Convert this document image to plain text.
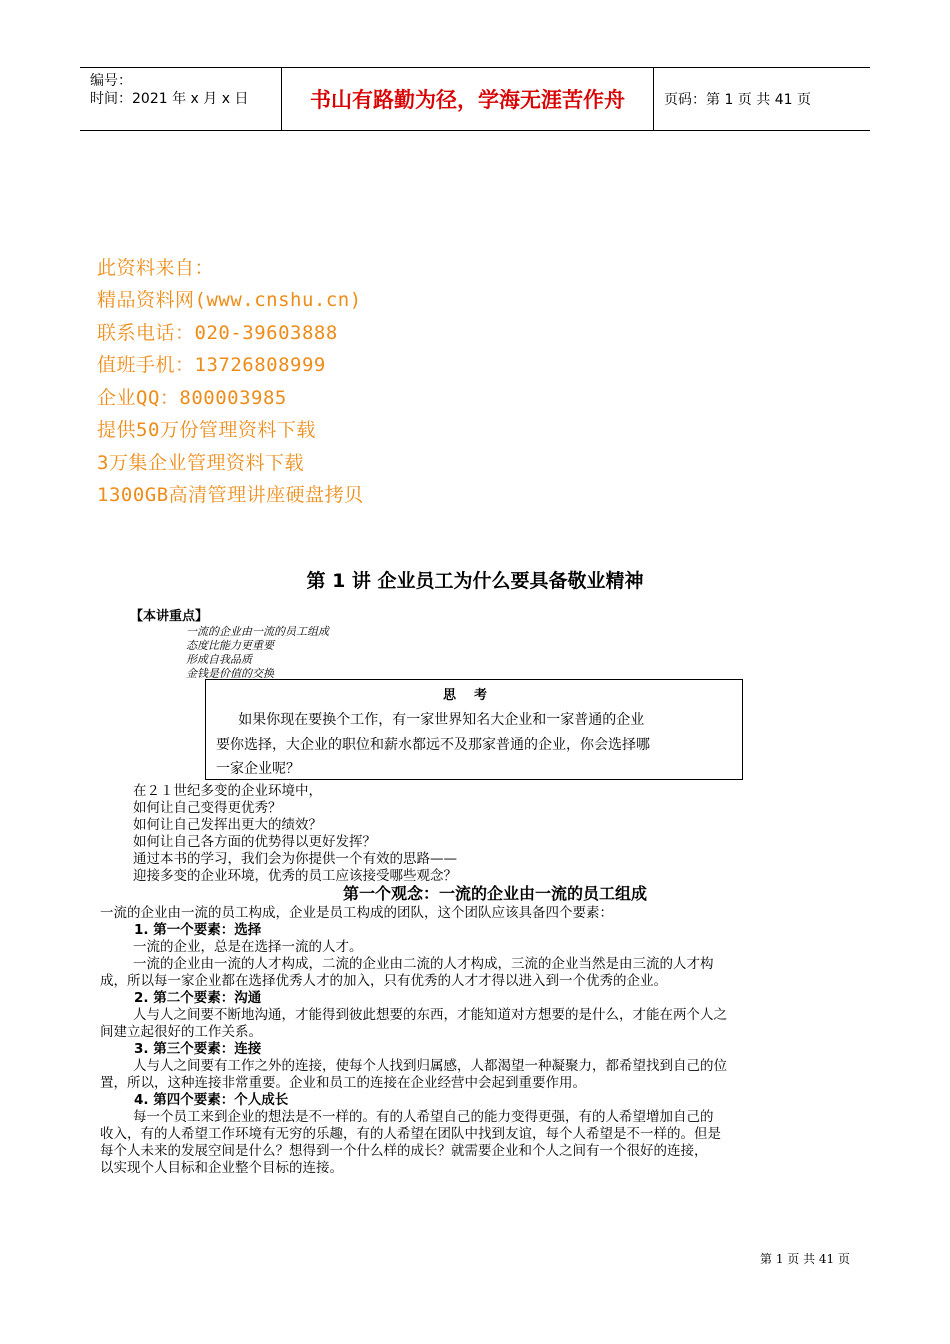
编号：
时间：2021 年 x 月 x 日	书山有路勤为径，学海无涯苦作舟	页码：第 1 页 共 41 页
此资料来自：
精品资料网(www.cnshu.cn)
联系电话：020-39603888
值班手机：13726808999
企业QQ：800003985
提供50万份管理资料下载
3万集企业管理资料下载
1300GB高清管理讲座硬盘拷贝
第 1 讲 企业员工为什么要具备敬业精神
【本讲重点】
一流的企业由一流的员工组成
态度比能力更重要
形成自我品质
金钱是价值的交换
思考
如果你现在要换个工作，有一家世界知名大企业和一家普通的企业
要你选择，大企业的职位和薪水都远不及那家普通的企业，你会选择哪
一家企业呢？
在２１世纪多变的企业环境中，
如何让自己变得更优秀？
如何让自己发挥出更大的绩效？
如何让自己各方面的优势得以更好发挥？
通过本书的学习，我们会为你提供一个有效的思路——
迎接多变的企业环境，优秀的员工应该接受哪些观念？
第一个观念：一流的企业由一流的员工组成
一流的企业由一流的员工构成，企业是员工构成的团队，这个团队应该具备四个要素：
1. 第一个要素：选择
一流的企业，总是在选择一流的人才。
一流的企业由一流的人才构成，二流的企业由二流的人才构成，三流的企业当然是由三流的人才构
成，所以每一家企业都在选择优秀人才的加入，只有优秀的人才才得以进入到一个优秀的企业。
2. 第二个要素：沟通
人与人之间要不断地沟通，才能得到彼此想要的东西，才能知道对方想要的是什么，才能在两个人之
间建立起很好的工作关系。
3. 第三个要素：连接
人与人之间要有工作之外的连接，使每个人找到归属感，人都渴望一种凝聚力，都希望找到自己的位
置，所以，这种连接非常重要。企业和员工的连接在企业经营中会起到重要作用。
4. 第四个要素：个人成长
每一个员工来到企业的想法是不一样的。有的人希望自己的能力变得更强，有的人希望增加自己的
收入，有的人希望工作环境有无穷的乐趣，有的人希望在团队中找到友谊，每个人希望是不一样的。但是
每个人未来的发展空间是什么？想得到一个什么样的成长？就需要企业和个人之间有一个很好的连接，
以实现个人目标和企业整个目标的连接。
第 1 页 共 41 页
